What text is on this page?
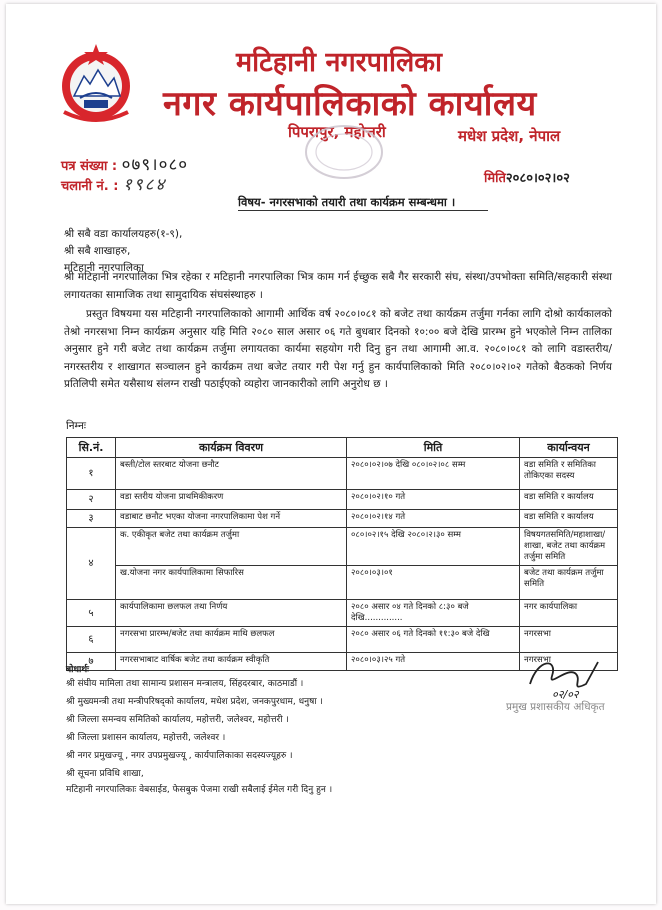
मटिहानी नगरपालिका
नगर कार्यपालिकाको कार्यालय
पिपरापुर, महोत्तरी	मधेश प्रदेश, नेपाल
पत्र संख्या : ०७९।०८०
चलानी नं. : १९८४	मिति२०८०।०२।०२
विषय- नगरसभाको तयारी तथा कार्यक्रम सम्बन्धमा ।
श्री सबै वडा कार्यालयहरु(१-९),
श्री सबै शाखाहरु,
मटिहानी नगरपालिका
श्री मटिहानी नगरपालिका भित्र रहेका र मटिहानी नगरपालिका भित्र काम गर्न ईच्छुक सबै गैर सरकारी संघ, संस्था/उपभोक्ता समिति/सहकारी संस्था लगायतका सामाजिक तथा सामुदायिक संघसंस्थाहरु ।
प्रस्तुत विषयमा यस मटिहानी नगरपालिकाको आगामी आर्थिक वर्ष २०८०।०८१ को बजेट तथा कार्यक्रम तर्जुमा गर्नका लागि दोश्रो कार्यकालको तेश्रो नगरसभा निम्न कार्यक्रम अनुसार यहि मिति २०८० साल असार ०६ गते बुधबार दिनको १०:०० बजे देखि प्रारम्भ हुने भएकोले निम्न तालिका अनुसार हुने गरी बजेट तथा कार्यक्रम तर्जुमा लगायतका कार्यमा सहयोग गरी दिनु हुन तथा आगामी आ.व. २०८०।०८१ को लागि वडास्तरीय/नगरस्तरीय र शाखागत सञ्चालन हुने कार्यक्रम तथा बजेट तयार गरी पेश गर्नु हुन कार्यपालिकाको मिति २०८०।०२।०२ गतेको बैठकको निर्णय प्रतिलिपी समेत यसैसाथ संलग्न राखी पठाईएको व्यहोरा जानकारीको लागि अनुरोध छ ।
निम्नः
सि.नं.	कार्यक्रम विवरण	मिति	कार्यान्वयन
१	बस्ती/टोल स्तरबाट योजना छनौट	२०८०।०२।०७ देखि ०८०।०२।०८ सम्म	वडा समिति र समितिका तोकिएका सदस्य
२	वडा स्तरीय योजना प्राथमिकीकरण	२०८०।०२।१० गते	वडा समिति र कार्यालय
३	वडाबाट छनौट भएका योजना नगरपालिकामा पेश गर्ने	२०८०।०२।१४ गते	वडा समिति र कार्यालय
४	क. एकीकृत बजेट तथा कार्यक्रम तर्जुमा	०८०।०२।१५ देखि २०८०।२।३० सम्म	विषयगतसमिति/महाशाखा/शाखा, बजेट तथा कार्यक्रम तर्जुमा समिति
	ख.योजना नगर कार्यपालिकामा सिफारिस	२०८०।०३।०१	बजेट तथा कार्यक्रम तर्जुमा समिति
५	कार्यपालिकामा छलफल तथा निर्णय	२०८० असार ०४ गते दिनको ८:३० बजे देखि..............	नगर कार्यपालिका
६	नगरसभा प्रारम्भ/बजेट तथा कार्यक्रम माथि छलफल	२०८० असार ०६ गते दिनको ११:३० बजे देखि	नगरसभा
७	नगरसभाबाट वार्षिक बजेट तथा कार्यक्रम स्वीकृति	२०८०।०३।२५ गते	नगरसभा
०२/०२
प्रमुख प्रशासकीय अधिकृत
बोधार्थः
श्री संघीय मामिला तथा सामान्य प्रशासन मन्त्रालय, सिंहदरबार, काठमाडौं ।
श्री मुख्यमन्त्री तथा मन्त्रीपरिषद्को कार्यालय, मधेश प्रदेश, जनकपुरधाम, धनुषा ।
श्री जिल्ला समन्वय समितिको कार्यालय, महोत्तरी, जलेश्वर, महोत्तरी ।
श्री जिल्ला प्रशासन कार्यालय, महोत्तरी, जलेश्वर ।
श्री नगर प्रमुखज्यू , नगर उपप्रमुखज्यू , कार्यपालिकाका सदस्यज्यूहरु ।
श्री सूचना प्रविधि शाखा,
मटिहानी नगरपालिकाः वेबसाईड, फेसबुक पेजमा राखी सबैलाई ईमेल गरी दिनु हुन ।
